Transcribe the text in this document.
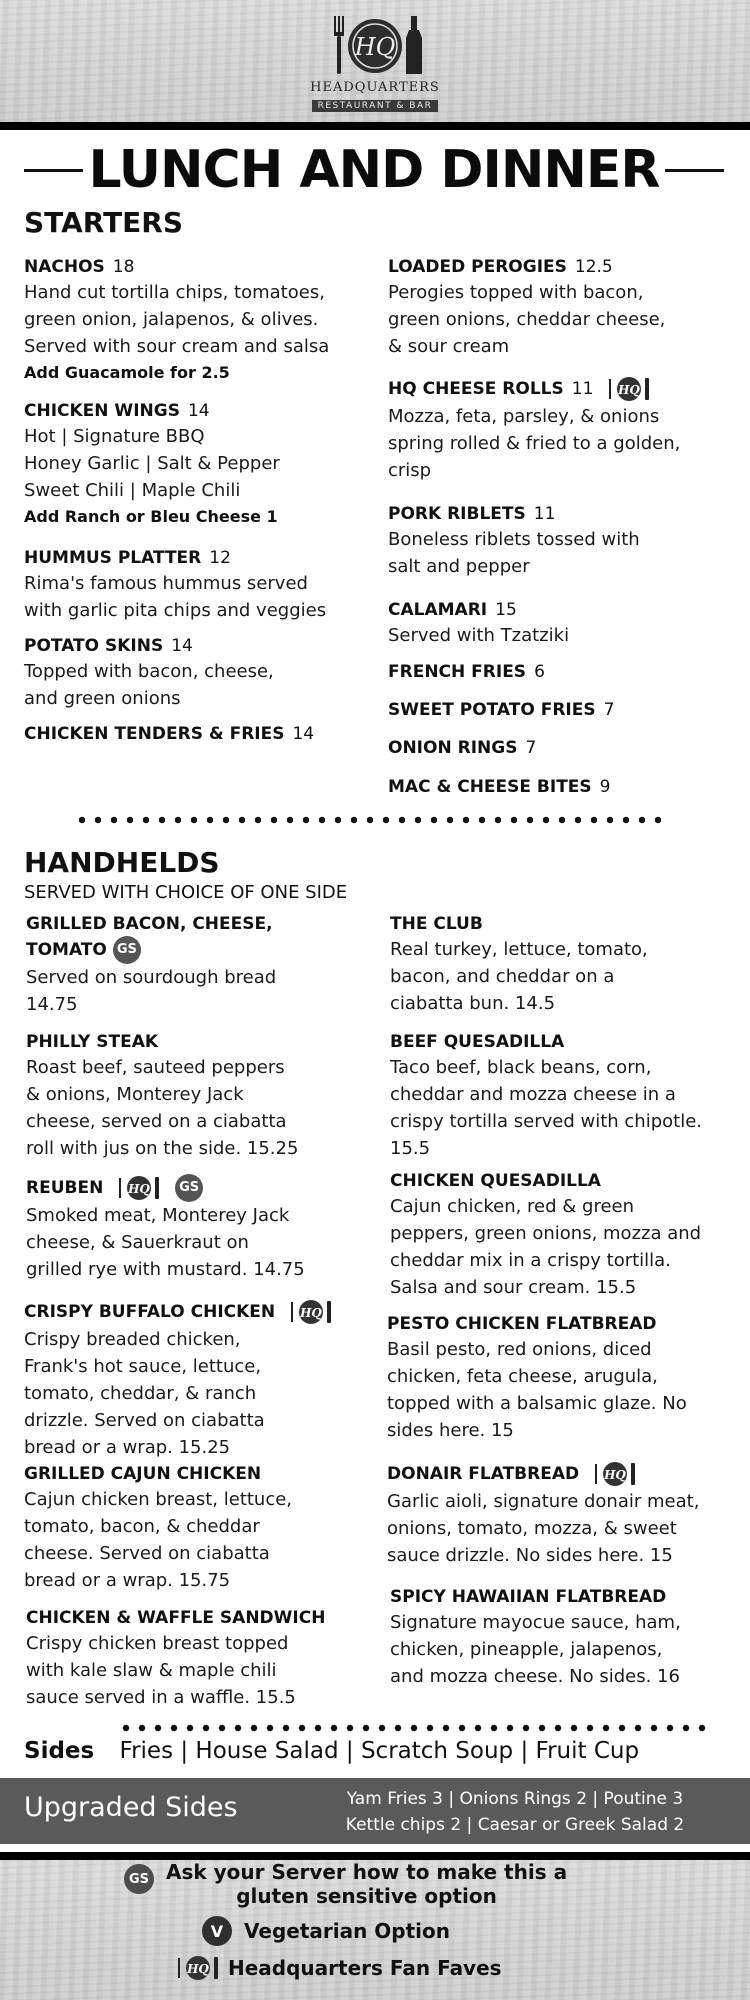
HQ
HEADQUARTERS
RESTAURANT & BAR
LUNCH AND DINNER
STARTERS
NACHOS 18
Hand cut tortilla chips, tomatoes,
green onion, jalapenos, & olives.
Served with sour cream and salsa
Add Guacamole for 2.5
CHICKEN WINGS 14
Hot | Signature BBQ
Honey Garlic | Salt & Pepper
Sweet Chili | Maple Chili
Add Ranch or Bleu Cheese 1
HUMMUS PLATTER 12
Rima's famous hummus served
with garlic pita chips and veggies
POTATO SKINS 14
Topped with bacon, cheese,
and green onions
CHICKEN TENDERS & FRIES 14
LOADED PEROGIES 12.5
Perogies topped with bacon,
green onions, cheddar cheese,
& sour cream
HQ CHEESE ROLLS 11 HQ
Mozza, feta, parsley, & onions
spring rolled & fried to a golden,
crisp
PORK RIBLETS 11
Boneless riblets tossed with
salt and pepper
CALAMARI 15
Served with Tzatziki
FRENCH FRIES 6
SWEET POTATO FRIES 7
ONION RINGS 7
MAC & CHEESE BITES 9
HANDHELDS
SERVED WITH CHOICE OF ONE SIDE
GRILLED BACON, CHEESE,
TOMATO GS
Served on sourdough bread
14.75
PHILLY STEAK
Roast beef, sauteed peppers
& onions, Monterey Jack
cheese, served on a ciabatta
roll with jus on the side. 15.25
REUBEN HQ GS
Smoked meat, Monterey Jack
cheese, & Sauerkraut on
grilled rye with mustard. 14.75
CRISPY BUFFALO CHICKEN HQ
Crispy breaded chicken,
Frank's hot sauce, lettuce,
tomato, cheddar, & ranch
drizzle. Served on ciabatta
bread or a wrap. 15.25
GRILLED CAJUN CHICKEN
Cajun chicken breast, lettuce,
tomato, bacon, & cheddar
cheese. Served on ciabatta
bread or a wrap. 15.75
CHICKEN & WAFFLE SANDWICH
Crispy chicken breast topped
with kale slaw & maple chili
sauce served in a waffle. 15.5
THE CLUB
Real turkey, lettuce, tomato,
bacon, and cheddar on a
ciabatta bun. 14.5
BEEF QUESADILLA
Taco beef, black beans, corn,
cheddar and mozza cheese in a
crispy tortilla served with chipotle.
15.5
CHICKEN QUESADILLA
Cajun chicken, red & green
peppers, green onions, mozza and
cheddar mix in a crispy tortilla.
Salsa and sour cream. 15.5
PESTO CHICKEN FLATBREAD
Basil pesto, red onions, diced
chicken, feta cheese, arugula,
topped with a balsamic glaze. No
sides here. 15
DONAIR FLATBREAD HQ
Garlic aioli, signature donair meat,
onions, tomato, mozza, & sweet
sauce drizzle. No sides here. 15
SPICY HAWAIIAN FLATBREAD
Signature mayocue sauce, ham,
chicken, pineapple, jalapenos,
and mozza cheese. No sides. 16
Sides Fries | House Salad | Scratch Soup | Fruit Cup
Upgraded Sides	Yam Fries 3 | Onions Rings 2 | Poutine 3
Kettle chips 2 | Caesar or Greek Salad 2
GS Ask your Server how to make this a
gluten sensitive option
V	Vegetarian Option
HQ Headquarters Fan Faves
